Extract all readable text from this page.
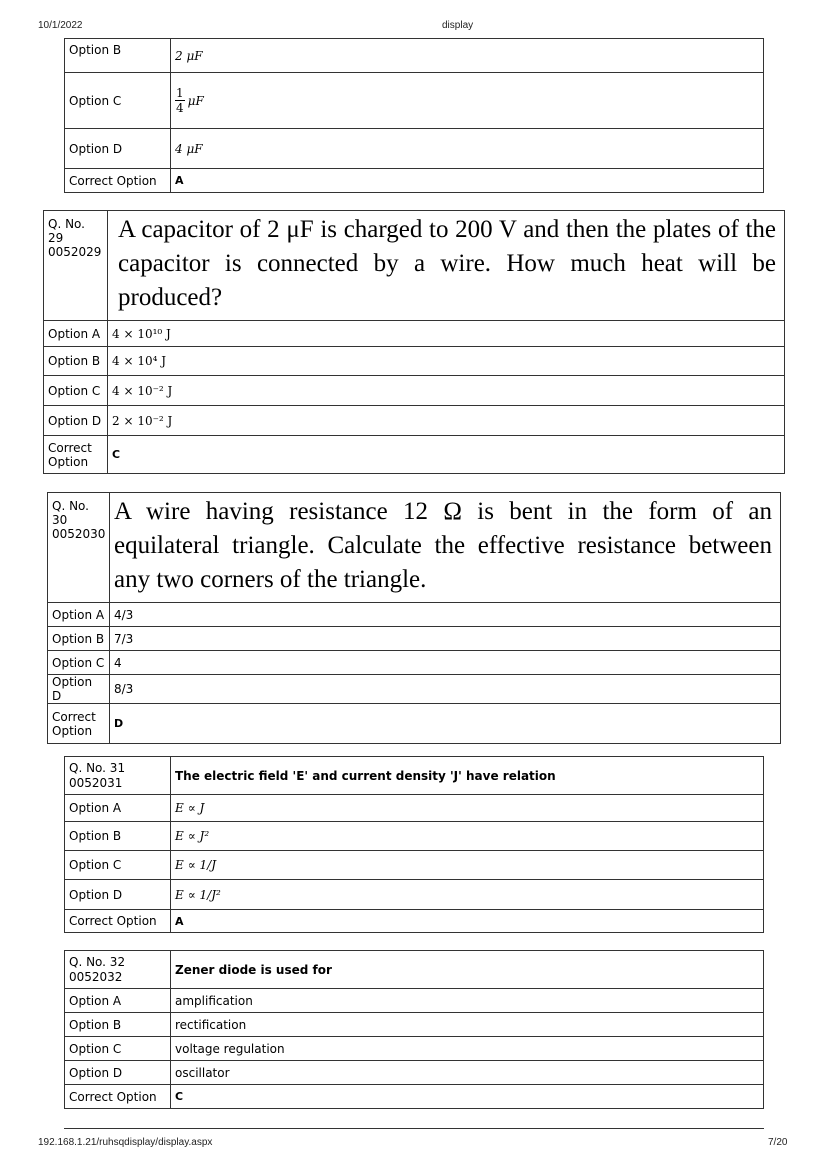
10/1/2022	display
Option B	2 μF
Option C	$\frac{1}{4}$ μF
Option D	4 μF
Correct Option	A
Q. No.
29
0052029	A capacitor of 2 μF is charged to 200 V and then the plates of the capacitor is connected by a wire. How much heat will be produced?
Option A	4 × 10¹⁰ J
Option B	4 × 10⁴ J
Option C	4 × 10⁻² J
Option D	2 × 10⁻² J

Correct
Option	C
Q. No.
30
0052030	A wire having resistance 12 Ω is bent in the form of an equilateral triangle. Calculate the effective resistance between any two corners of the triangle.
Option A	4/3
Option B	7/3
Option C	4
Option D	8/3

Correct
Option	D
Q. No. 31
0052031	The electric field 'E' and current density 'J' have relation
Option A	E ∝ J
Option B	E ∝ J²
Option C	E ∝ 1/J
Option D	E ∝ 1/J²
Correct Option	A
Q. No. 32
0052032	Zener diode is used for
Option A	amplification
Option B	rectification
Option C	voltage regulation
Option D	oscillator
Correct Option	C
192.168.1.21/ruhsqdisplay/display.aspx	7/20
